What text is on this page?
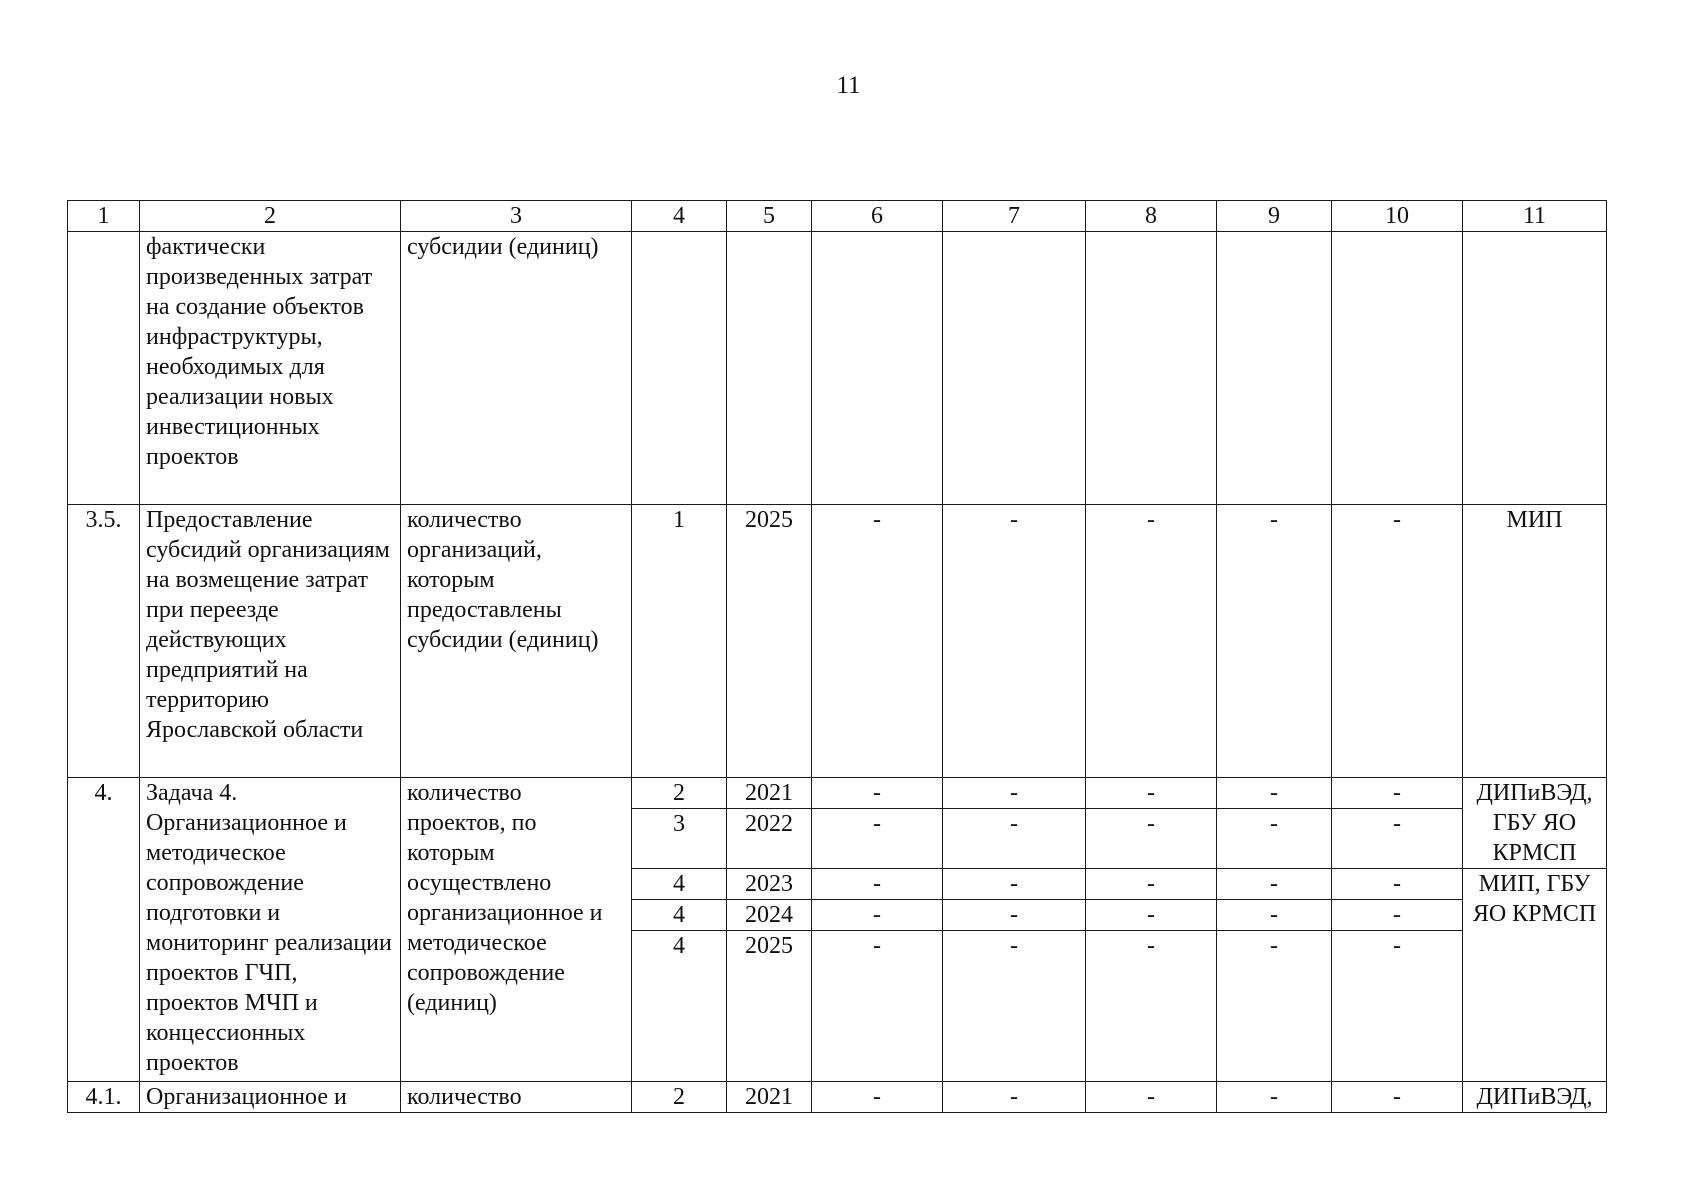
11
1	2	3	4	5	6	7	8	9	10	11
	фактически произведенных затрат на создание объектов инфраструктуры, необходимых для реализации новых инвестиционных проектов	субсидии (единиц)								
3.5.	Предоставление субсидий организациям на возмещение затрат при переезде действующих предприятий на территорию Ярославской области	количество организаций, которым предоставлены субсидии (единиц)	1	2025	-	-	-	-	-	МИП
4.	Задача 4. Организационное и методическое сопровождение подготовки и мониторинг реализации проектов ГЧП, проектов МЧП и концессионных проектов	количество проектов, по которым осуществлено организационное и методическое сопровождение (единиц)	2	2021	-	-	-	-	-	ДИПиВЭД, ГБУ ЯО КРМСП
			3	2022	-	-	-	-	-	
			4	2023	-	-	-	-	-	МИП, ГБУ ЯО КРМСП
			4	2024	-	-	-	-	-	
			4	2025	-	-	-	-	-	
4.1.	Организационное и	количество	2	2021	-	-	-	-	-	ДИПиВЭД,
